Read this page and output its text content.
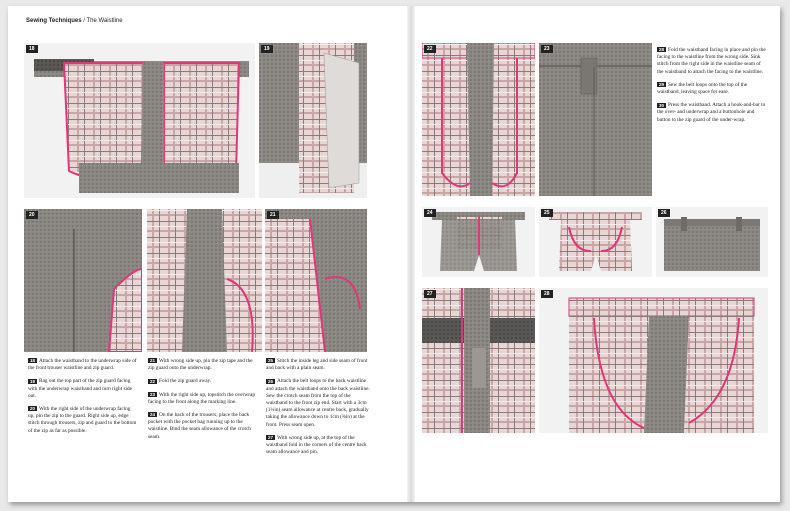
Sewing Techniques / The Waistline
18	19
20	21

18 Attach the waistband to the underwrap side of the front trouser waistline and zip guard.

19 Bag out the top part of the zip guard facing with the underwrap waistband and turn right side out.

20 With the right side of the underwrap facing up, pin the zip to the guard. Right side up, edge stitch through trousers, zip and guard to the bottom of the zip as far as possible.

21 With wrong side up, pin the zip tape and the zip guard onto the underwrap.

22 Fold the zip guard away.

23 With the right side up, topstitch the overwrap facing to the front along the marking line.

24 On the back of the trousers, place the back pocket with the pocket bag running up to the waistline. Bind the seam allowance of the crotch seam.

25 Stitch the inside leg and side seam of front and back with a plain seam.

26 Attach the belt loops to the back waistline and attach the waistband onto the back waistline. Sew the crotch seam from the top of the waistband to the front zip end. Start with a 3cm (1¼in) seam allowance at centre back, gradually taking the allowance down to 1cm (⅜in) at the front. Press seam open.

27 With wrong side up, at the top of the waistband fold in the corners of the centre back seam allowance and pin.

22	23	28 Fold the waistband facing in place and pin the facing to the waistline from the wrong side. Sink stitch from the right side in the waistline seam of the waistband to attach the facing to the waistline.

29 Sew the belt loops onto the top of the waistband, leaving space for ease.

30 Press the waistband. Attach a hook-and-bar to the over- and underwrap and a buttonhole and button to the zip guard of the under-wrap.

24	25	26
27	28
